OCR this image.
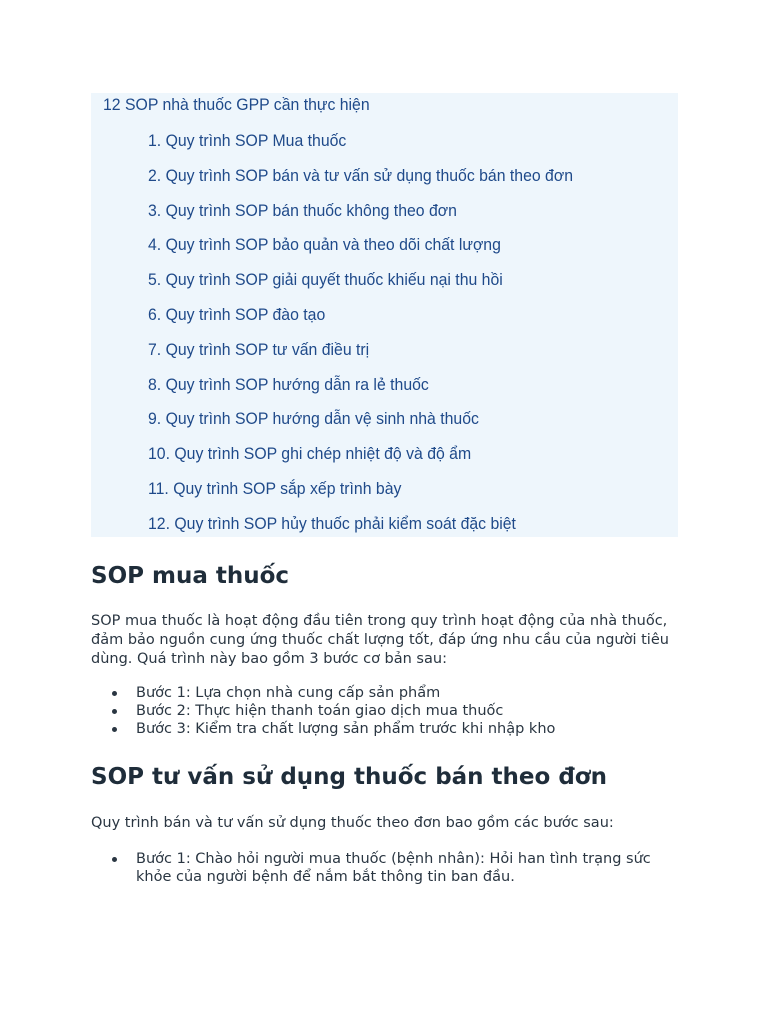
12 SOP nhà thuốc GPP cần thực hiện
1. Quy trình SOP Mua thuốc
2. Quy trình SOP bán và tư vấn sử dụng thuốc bán theo đơn
3. Quy trình SOP bán thuốc không theo đơn
4. Quy trình SOP bảo quản và theo dõi chất lượng
5. Quy trình SOP giải quyết thuốc khiếu nại thu hồi
6. Quy trình SOP đào tạo
7. Quy trình SOP tư vấn điều trị
8. Quy trình SOP hướng dẫn ra lẻ thuốc
9. Quy trình SOP hướng dẫn vệ sinh nhà thuốc
10. Quy trình SOP ghi chép nhiệt độ và độ ẩm
11. Quy trình SOP sắp xếp trình bày
12. Quy trình SOP hủy thuốc phải kiểm soát đặc biệt
SOP mua thuốc

SOP mua thuốc là hoạt động đầu tiên trong quy trình hoạt động của nhà thuốc, đảm bảo nguồn cung ứng thuốc chất lượng tốt, đáp ứng nhu cầu của người tiêu dùng. Quá trình này bao gồm 3 bước cơ bản sau:

Bước 1: Lựa chọn nhà cung cấp sản phẩm
Bước 2: Thực hiện thanh toán giao dịch mua thuốc
Bước 3: Kiểm tra chất lượng sản phẩm trước khi nhập kho
SOP tư vấn sử dụng thuốc bán theo đơn

Quy trình bán và tư vấn sử dụng thuốc theo đơn bao gồm các bước sau:

Bước 1: Chào hỏi người mua thuốc (bệnh nhân): Hỏi han tình trạng sức khỏe của người bệnh để nắm bắt thông tin ban đầu.
